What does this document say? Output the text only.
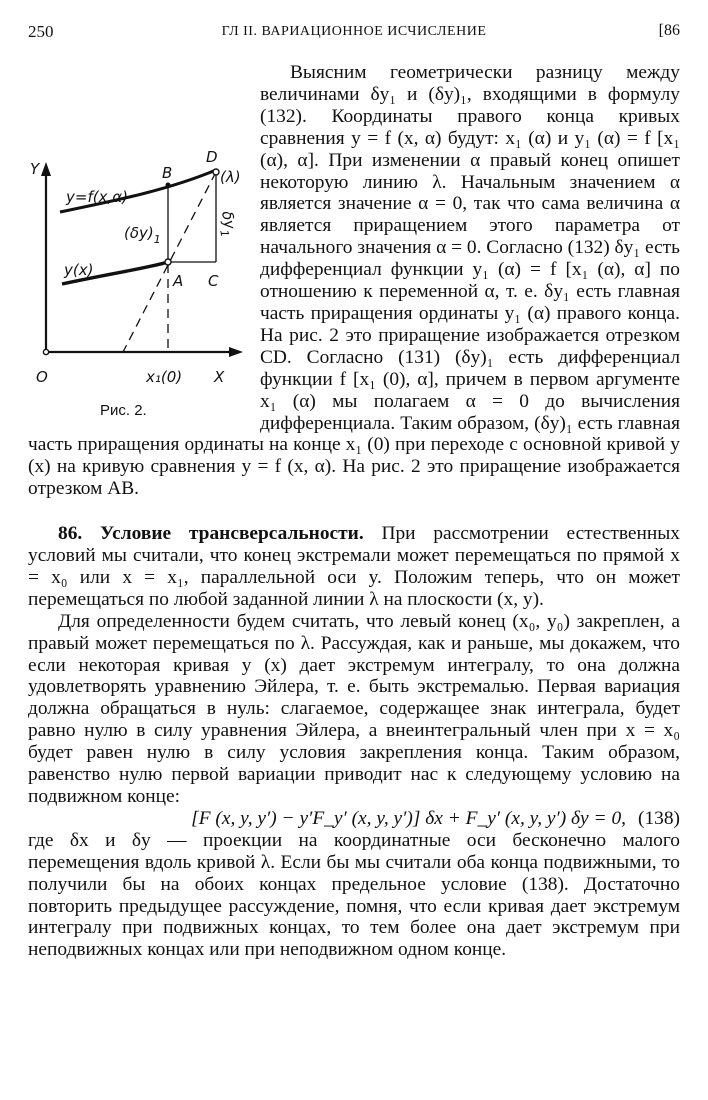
250	ГЛ II. ВАРИАЦИОННОЕ ИСЧИСЛЕНИЕ	[86
Y
X
O
y=f(x,α)
y(x)
B
D
(λ)
A C
$(\delta y)_1$
$\delta y_1$
x₁(0)
Рис. 2.

Выясним геометрически разницу между величинами δy₁ и (δy)₁, входящими в формулу (132). Координаты правого конца кривых сравнения y = f (x, α) будут: x₁ (α) и y₁ (α) = f [x₁ (α), α]. При изменении α правый конец опишет некоторую линию λ. Начальным значением α является значение α = 0, так что сама величина α является приращением этого параметра от начального значения α = 0. Согласно (132) δy₁ есть дифференциал функции y₁ (α) = f [x₁ (α), α] по отношению к переменной α, т. е. δy₁ есть главная часть приращения ординаты y₁ (α) правого конца. На рис. 2 это приращение изображается отрезком CD. Согласно (131) (δy)₁ есть дифференциал функции f [x₁ (0), α], причем в первом аргументе x₁ (α) мы полагаем α = 0 до вычисления дифференциала. Таким образом, (δy)₁ есть главная часть приращения ординаты на конце x₁ (0) при переходе с основной кривой y (x) на кривую сравнения y = f (x, α). На рис. 2 это приращение изображается отрезком AB.

86. Условие трансверсальности. При рассмотрении естественных условий мы считали, что конец экстремали может перемещаться по прямой x = x₀ или x = x₁, параллельной оси y. Положим теперь, что он может перемещаться по любой заданной линии λ на плоскости (x, y).

Для определенности будем считать, что левый конец (x₀, y₀) закреплен, а правый может перемещаться по λ. Рассуждая, как и раньше, мы докажем, что если некоторая кривая y (x) дает экстремум интегралу, то она должна удовлетворять уравнению Эйлера, т. е. быть экстремалью. Первая вариация должна обращаться в нуль: слагаемое, содержащее знак интеграла, будет равно нулю в силу уравнения Эйлера, а внеинтегральный член при x = x₀ будет равен нулю в силу условия закрепления конца. Таким образом, равенство нулю первой вариации приводит нас к следующему условию на подвижном конце:

[F (x, y, y′) − y′F_y′ (x, y, y′)] δx + F_y′ (x, y, y′) δy = 0, (138)

где δx и δy — проекции на координатные оси бесконечно малого перемещения вдоль кривой λ. Если бы мы считали оба конца подвижными, то получили бы на обоих концах предельное условие (138). Достаточно повторить предыдущее рассуждение, помня, что если кривая дает экстремум интегралу при подвижных концах, то тем более она дает экстремум при неподвижных концах или при неподвижном одном конце.
